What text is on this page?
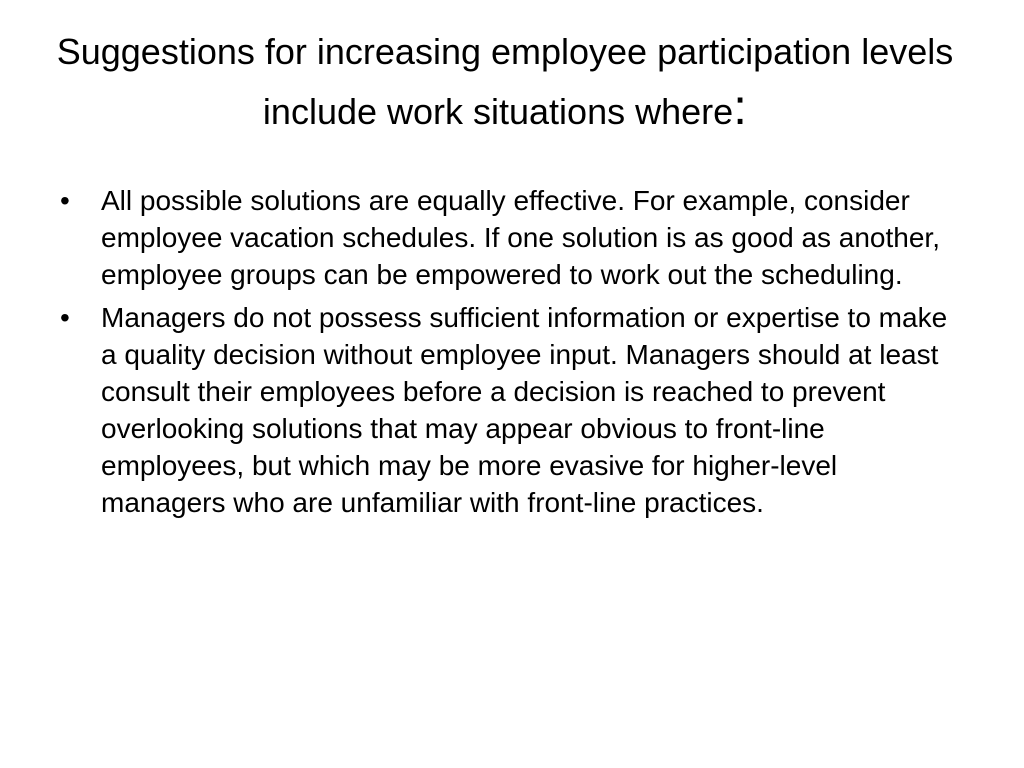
Suggestions for increasing employee participation levels include work situations where:
•	All possible solutions are equally effective. For example, consider employee vacation schedules. If one solution is as good as another, employee groups can be empowered to work out the scheduling.
•	Managers do not possess sufficient information or expertise to make a quality decision without employee input. Managers should at least consult their employees before a decision is reached to prevent overlooking solutions that may appear obvious to front-line employees, but which may be more evasive for higher-level managers who are unfamiliar with front-line practices.
